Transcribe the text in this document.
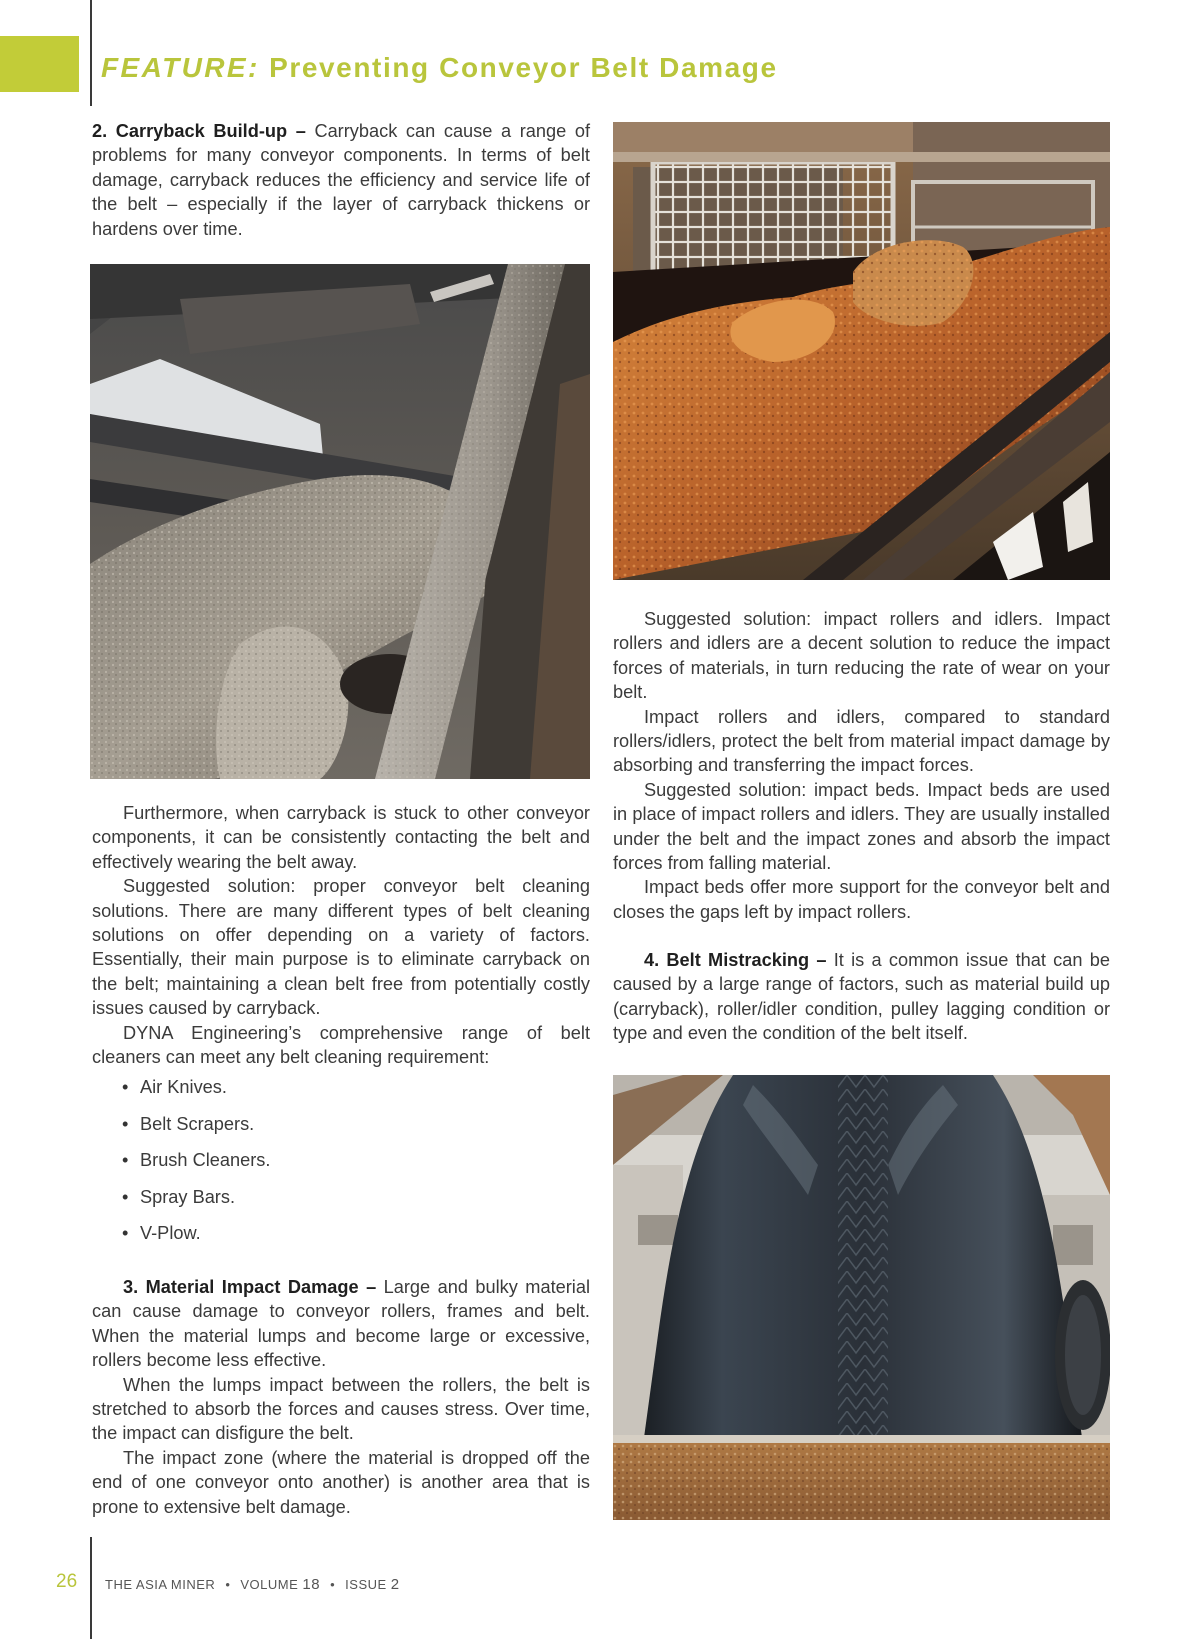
FEATURE: Preventing Conveyor Belt Damage

2. Carryback Build-up – Carryback can cause a range of problems for many conveyor components. In terms of belt damage, carryback reduces the efficiency and service life of the belt – especially if the layer of carryback thickens or hardens over time.

Furthermore, when carryback is stuck to other conveyor components, it can be consistently contacting the belt and effectively wearing the belt away.

Suggested solution: proper conveyor belt cleaning solutions. There are many different types of belt cleaning solutions on offer depending on a variety of factors. Essentially, their main purpose is to eliminate carryback on the belt; maintaining a clean belt free from potentially costly issues caused by carryback.

DYNA Engineering’s comprehensive range of belt cleaners can meet any belt cleaning requirement:

• Air Knives.
• Belt Scrapers.
• Brush Cleaners.
• Spray Bars.
• V-Plow.

3. Material Impact Damage – Large and bulky material can cause damage to conveyor rollers, frames and belt. When the material lumps and become large or excessive, rollers become less effective.

When the lumps impact between the rollers, the belt is stretched to absorb the forces and causes stress. Over time, the impact can disfigure the belt.

The impact zone (where the material is dropped off the end of one conveyor onto another) is another area that is prone to extensive belt damage.

Suggested solution: impact rollers and idlers. Impact rollers and idlers are a decent solution to reduce the impact forces of materials, in turn reducing the rate of wear on your belt.

Impact rollers and idlers, compared to standard rollers/idlers, protect the belt from material impact damage by absorbing and transferring the impact forces.

Suggested solution: impact beds. Impact beds are used in place of impact rollers and idlers. They are usually installed under the belt and the impact zones and absorb the impact forces from falling material.

Impact beds offer more support for the conveyor belt and closes the gaps left by impact rollers.

4. Belt Mistracking – It is a common issue that can be caused by a large range of factors, such as material build up (carryback), roller/idler condition, pulley lagging condition or type and even the condition of the belt itself.

26 THE ASIA MINER • VOLUME 18 • ISSUE 2
